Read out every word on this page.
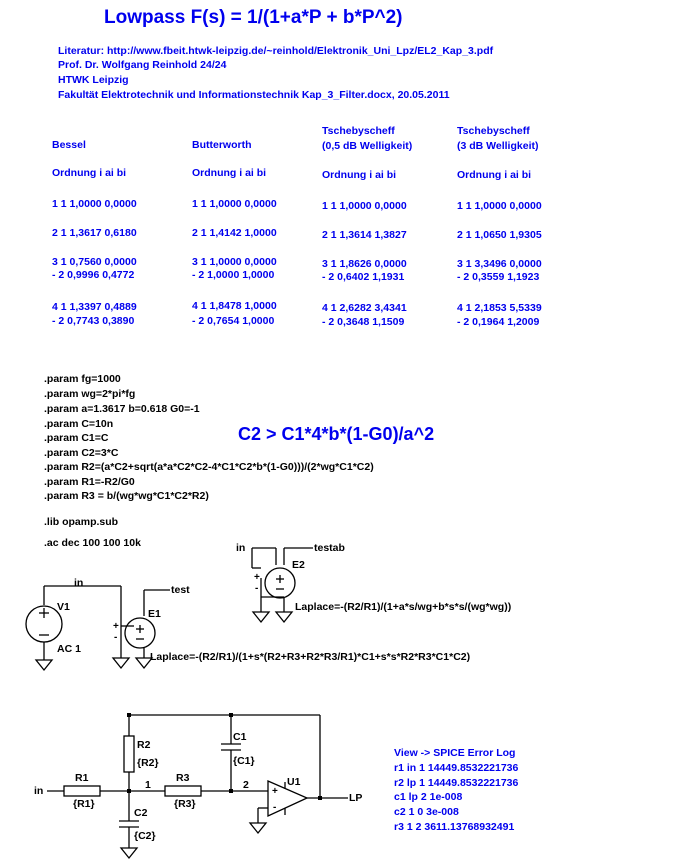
Lowpass F(s) = 1/(1+a*P + b*P^2)
Literatur: http://www.fbeit.htwk-leipzig.de/~reinhold/Elektronik_Uni_Lpz/EL2_Kap_3.pdf
Prof. Dr. Wolfgang Reinhold 24/24
HTWK Leipzig
Fakultät Elektrotechnik und Informationstechnik Kap_3_Filter.docx, 20.05.2011
Bessel
Ordnung i ai bi
1 1 1,0000 0,0000
2 1 1,3617 0,6180
3 1 0,7560 0,0000
- 2 0,9996 0,4772
4 1 1,3397 0,4889
- 2 0,7743 0,3890
Butterworth
Ordnung i ai bi
1 1 1,0000 0,0000
2 1 1,4142 1,0000
3 1 1,0000 0,0000
- 2 1,0000 1,0000
4 1 1,8478 1,0000
- 2 0,7654 1,0000
Tschebyscheff
(0,5 dB Welligkeit)
Ordnung i ai bi
1 1 1,0000 0,0000
2 1 1,3614 1,3827
3 1 1,8626 0,0000
- 2 0,6402 1,1931
4 1 2,6282 3,4341
- 2 0,3648 1,1509
Tschebyscheff
(3 dB Welligkeit)
Ordnung i ai bi
1 1 1,0000 0,0000
2 1 1,0650 1,9305
3 1 3,3496 0,0000
- 2 0,3559 1,1923
4 1 2,1853 5,5339
- 2 0,1964 1,2009
.param fg=1000
.param wg=2*pi*fg
.param a=1.3617 b=0.618 G0=-1
.param C=10n
.param C1=C
.param C2=3*C
.param R2=(a*C2+sqrt(a*a*C2*C2-4*C1*C2*b*(1-G0)))/(2*wg*C1*C2)
.param R1=-R2/G0
.param R3 = b/(wg*wg*C1*C2*R2)
.lib opamp.sub
.ac dec 100 100 10k
C2 > C1*4*b*(1-G0)/a^2
in	testab
E2
+
-
Laplace=-(R2/R1)/(1+a*s/wg+b*s*s/(wg*wg))
V1
AC 1
in
test
E1
+
-
Laplace=-(R2/R1)/(1+s*(R2+R3+R2*R3/R1)*C1+s*s*R2*R3*C1*C2)
in
R1
{R1}
R2
{R2}
1
R3
{R3}
2
C1
{C1}
C2
{C2}
U1
+
-
LP
View -> SPICE Error Log
r1 in 1 14449.8532221736
r2 lp 1 14449.8532221736
c1 lp 2 1e-008
c2 1 0 3e-008
r3 1 2 3611.13768932491
